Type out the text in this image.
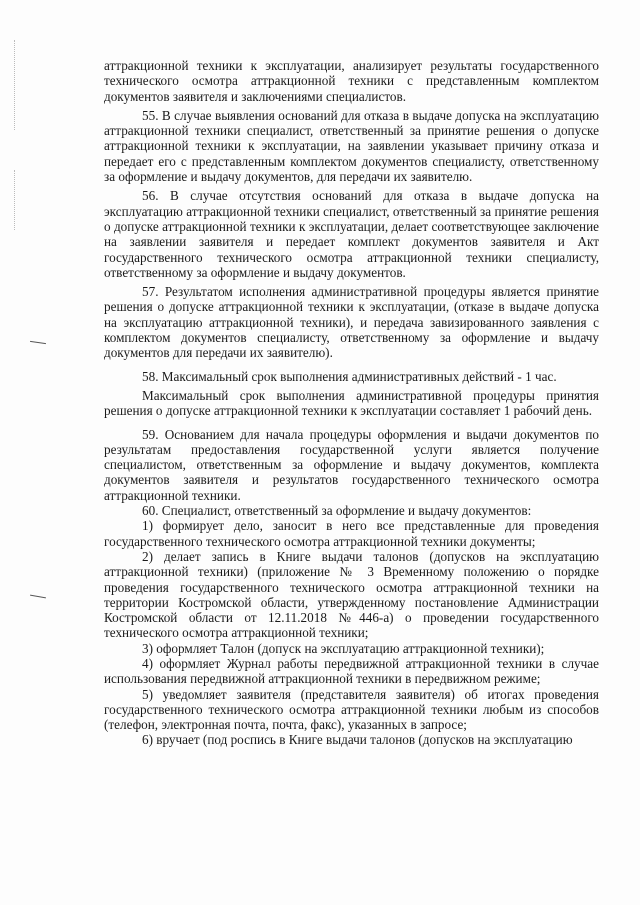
аттракционной техники к эксплуатации, анализирует результаты государственного технического осмотра аттракционной техники с представленным комплектом документов заявителя и заключениями специалистов.

55. В случае выявления оснований для отказа в выдаче допуска на эксплуатацию аттракционной техники специалист, ответственный за принятие решения о допуске аттракционной техники к эксплуатации, на заявлении указывает причину отказа и передает его с представленным комплектом документов специалисту, ответственному за оформление и выдачу документов, для передачи их заявителю.

56. В случае отсутствия оснований для отказа в выдаче допуска на эксплуатацию аттракционной техники специалист, ответственный за принятие решения о допуске аттракционной техники к эксплуатации, делает соответствующее заключение на заявлении заявителя и передает комплект документов заявителя и Акт государственного технического осмотра аттракционной техники специалисту, ответственному за оформление и выдачу документов.

57. Результатом исполнения административной процедуры является принятие решения о допуске аттракционной техники к эксплуатации, (отказе в выдаче допуска на эксплуатацию аттракционной техники), и передача завизированного заявления с комплектом документов специалисту, ответственному за оформление и выдачу документов для передачи их заявителю).

58. Максимальный срок выполнения административных действий - 1 час.

Максимальный срок выполнения административной процедуры принятия решения о допуске аттракционной техники к эксплуатации составляет 1 рабочий день.

59. Основанием для начала процедуры оформления и выдачи документов по результатам предоставления государственной услуги является получение специалистом, ответственным за оформление и выдачу документов, комплекта документов заявителя и результатов государственного технического осмотра аттракционной техники.

60. Специалист, ответственный за оформление и выдачу документов:

1) формирует дело, заносит в него все представленные для проведения государственного технического осмотра аттракционной техники документы;

2) делает запись в Книге выдачи талонов (допусков на эксплуатацию аттракционной техники) (приложение № 3 Временному положению о порядке проведения государственного технического осмотра аттракционной техники на территории Костромской области, утвержденному постановление Администрации Костромской области от 12.11.2018 №446-а) о проведении государственного технического осмотра аттракционной техники;

3) оформляет Талон (допуск на эксплуатацию аттракционной техники);

4) оформляет Журнал работы передвижной аттракционной техники в случае использования передвижной аттракционной техники в передвижном режиме;

5) уведомляет заявителя (представителя заявителя) об итогах проведения государственного технического осмотра аттракционной техники любым из способов (телефон, электронная почта, почта, факс), указанных в запросе;

6) вручает (под роспись в Книге выдачи талонов (допусков на эксплуатацию
